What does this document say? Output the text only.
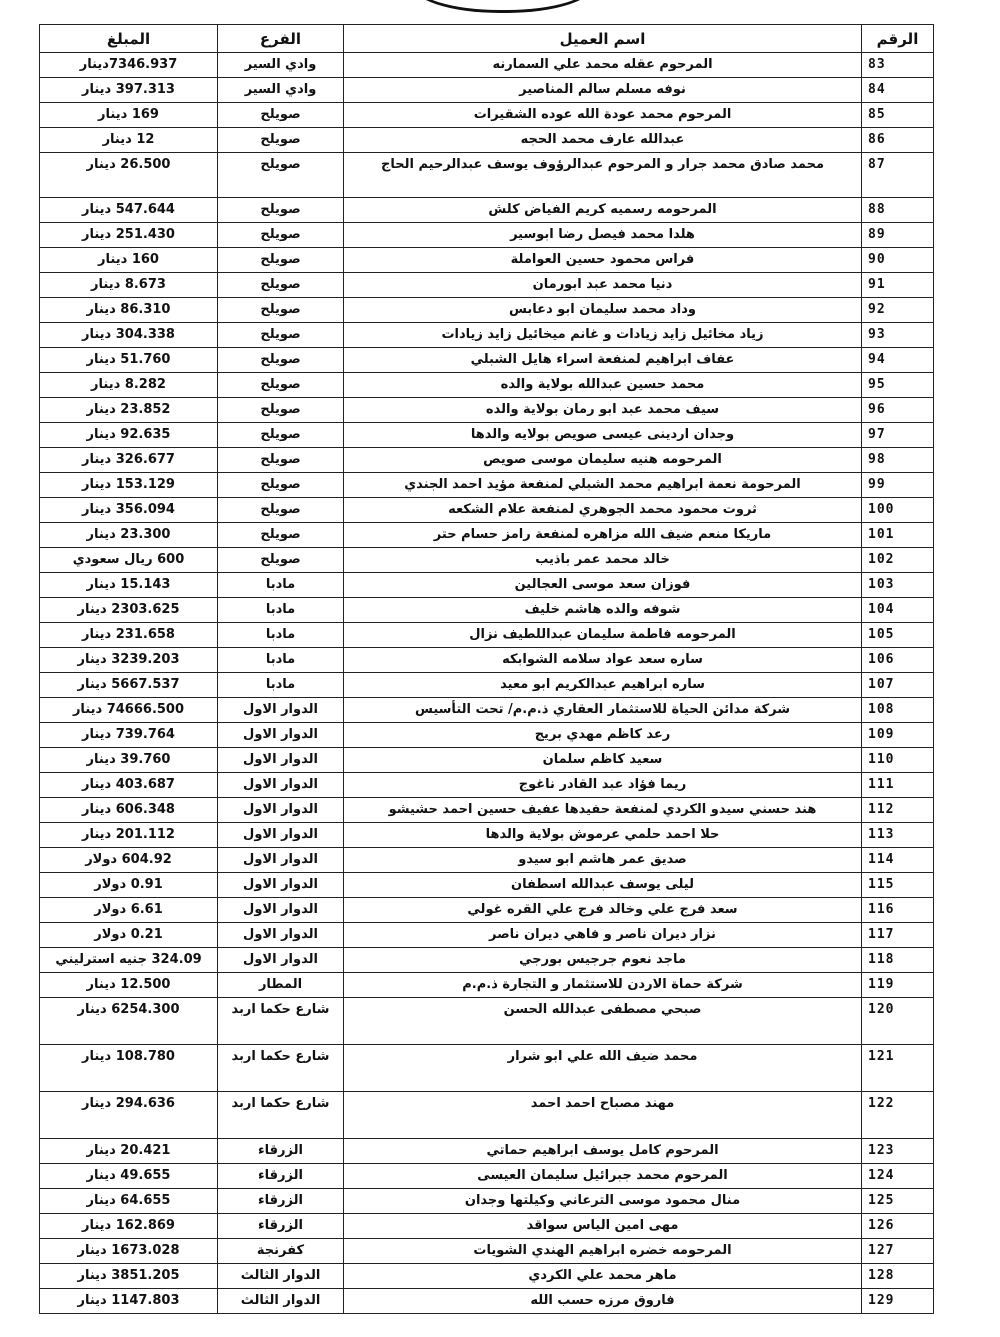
الرقم	اسم العميل	الفرع	المبلغ
83	المرحوم عقله محمد علي السمارنه	وادي السير	7346.937دينار
84	نوفه مسلم سالم المناصير	وادي السير	397.313 دينار
85	المرحوم محمد عودة الله عوده الشقيرات	صويلح	169 دينار
86	عبدالله عارف محمد الحجه	صويلح	12 دينار
87	محمد صادق محمد جرار و المرحوم عبدالرؤوف يوسف عبدالرحيم الحاج	صويلح	26.500 دينار
88	المرحومه رسميه كريم الفياض كلش	صويلح	547.644 دينار
89	هلدا محمد فيصل رضا ابوسير	صويلح	251.430 دينار
90	فراس محمود حسين العواملة	صويلح	160 دينار
91	دنيا محمد عبد ابورمان	صويلح	8.673 دينار
92	وداد محمد سليمان ابو دعابس	صويلح	86.310 دينار
93	زياد مخائيل زايد زيادات و غانم ميخائيل زايد زيادات	صويلح	304.338 دينار
94	عفاف ابراهيم لمنفعة اسراء هايل الشبلي	صويلح	51.760 دينار
95	محمد حسين عبدالله بولاية والده	صويلح	8.282 دينار
96	سيف محمد عبد ابو رمان بولاية والده	صويلح	23.852 دينار
97	وجدان اردينى عيسى صويص بولايه والدها	صويلح	92.635 دينار
98	المرحومه هنيه سليمان موسى صويص	صويلح	326.677 دينار
99	المرحومة نعمة ابراهيم محمد الشبلي لمنفعة مؤيد احمد الجندي	صويلح	153.129 دينار
100	ثروت محمود محمد الجوهري لمنفعة علام الشكعه	صويلح	356.094 دينار
101	ماريكا منعم ضيف الله مزاهره لمنفعة رامز حسام حتر	صويلح	23.300 دينار
102	خالد محمد عمر باذيب	صويلح	600 ريال سعودي
103	فوزان سعد موسى العجالين	مادبا	15.143 دينار
104	شوفه والده هاشم خليف	مادبا	2303.625 دينار
105	المرحومه فاطمة سليمان عبداللطيف نزال	مادبا	231.658 دينار
106	ساره سعد عواد سلامه الشوابكه	مادبا	3239.203 دينار
107	ساره ابراهيم عبدالكريم ابو معيد	مادبا	5667.537 دينار
108	شركة مدائن الحياة للاستثمار العقاري ذ.م.م/ تحت التأسيس	الدوار الاول	74666.500 دينار
109	رعد كاظم مهدي بريج	الدوار الاول	739.764 دينار
110	سعيد كاظم سلمان	الدوار الاول	39.760 دينار
111	ريما فؤاد عبد القادر ناغوج	الدوار الاول	403.687 دينار
112	هند حسني سيدو الكردي لمنفعة حفيدها عفيف حسين احمد حشيشو	الدوار الاول	606.348 دينار
113	حلا احمد حلمي عرموش بولاية والدها	الدوار الاول	201.112 دينار
114	صديق عمر هاشم ابو سيدو	الدوار الاول	604.92 دولار
115	ليلى يوسف عبدالله اسطفان	الدوار الاول	0.91 دولار
116	سعد فرج علي وخالد فرج علي القره غولي	الدوار الاول	6.61 دولار
117	نزار ديران ناصر و فاهي ديران ناصر	الدوار الاول	0.21 دولار
118	ماجد نعوم جرجيس بورجي	الدوار الاول	324.09 جنيه استرليني
119	شركة حماة الاردن للاستثمار و التجارة ذ.م.م	المطار	12.500 دينار
120	صبحي مصطفى عبدالله الحسن	شارع حكما اربد	6254.300 دينار
121	محمد ضيف الله علي ابو شرار	شارع حكما اربد	108.780 دينار
122	مهند مصباح احمد احمد	شارع حكما اربد	294.636 دينار
123	المرحوم كامل يوسف ابراهيم حماتي	الزرقاء	20.421 دينار
124	المرحوم محمد جبرائيل سليمان العيسى	الزرقاء	49.655 دينار
125	منال محمود موسى الترعاني وكيلتها وجدان	الزرقاء	64.655 دينار
126	مهى امين الياس سواقد	الزرقاء	162.869 دينار
127	المرحومه خضره ابراهيم الهندي الشويات	كفرنجة	1673.028 دينار
128	ماهر محمد علي الكردي	الدوار الثالث	3851.205 دينار
129	فاروق مرزه حسب الله	الدوار الثالث	1147.803 دينار
